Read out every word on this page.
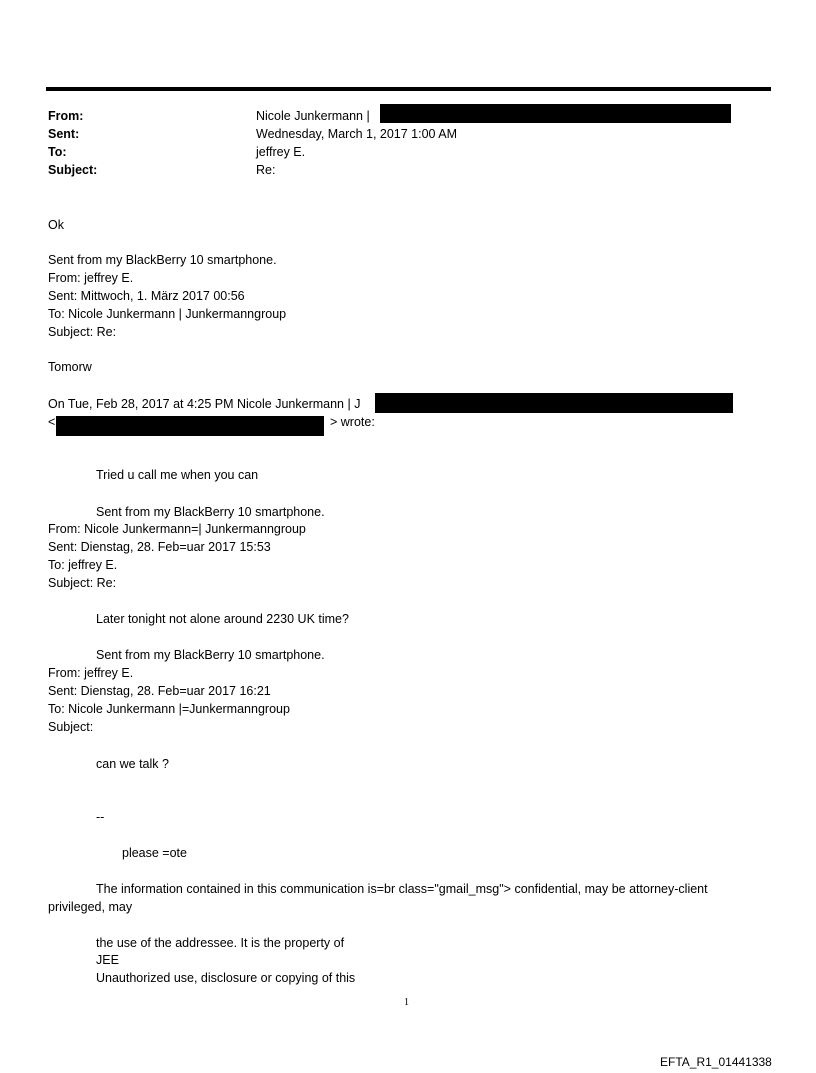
From:
Sent:
To:
Subject:
Nicole Junkermann |
Wednesday, March 1, 2017 1:00 AM
jeffrey E.
Re:
Ok
Sent from my BlackBerry 10 smartphone.
From: jeffrey E.
Sent: Mittwoch, 1. März 2017 00:56
To: Nicole Junkermann | Junkermanngroup
Subject: Re:
Tomorw
On Tue, Feb 28, 2017 at 4:25 PM Nicole Junkermann | J
<	> wrote:
Tried u call me when you can
Sent from my BlackBerry 10 smartphone.
From: Nicole Junkermann=| Junkermanngroup
Sent: Dienstag, 28. Feb=uar 2017 15:53
To: jeffrey E.
Subject: Re:
Later tonight not alone around 2230 UK time?
Sent from my BlackBerry 10 smartphone.
From: jeffrey E.
Sent: Dienstag, 28. Feb=uar 2017 16:21
To: Nicole Junkermann |=Junkermanngroup
Subject:
can we talk ?
--
please =ote
The information contained in this communication is=br class="gmail_msg"> confidential, may be attorney-client
privileged, may
the use of the addressee. It is the property of
JEE
Unauthorized use, disclosure or copying of this
1
EFTA_R1_01441338
